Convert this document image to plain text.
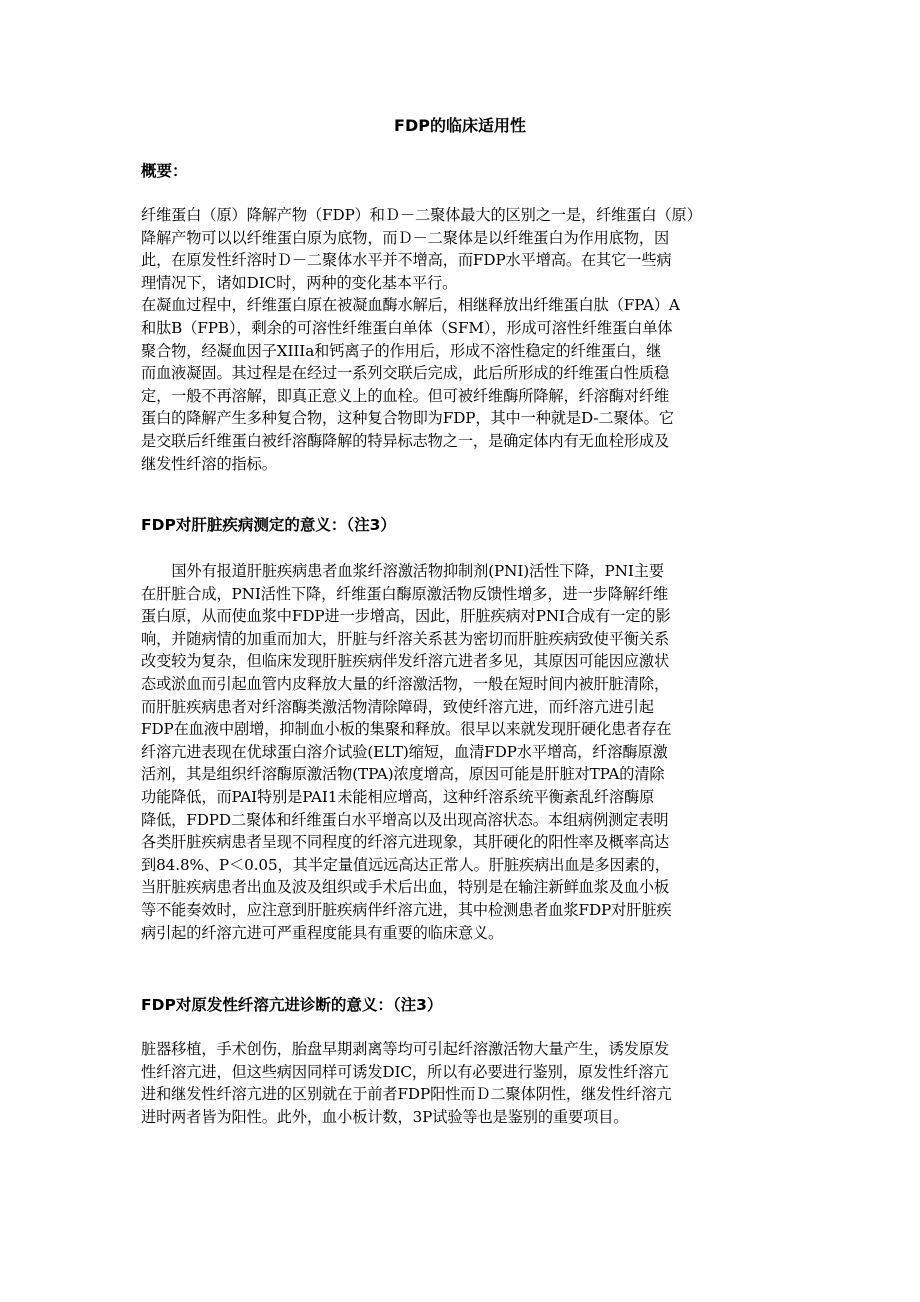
FDP的临床适用性
概要：
纤维蛋白（原）降解产物（FDP）和Ｄ－二聚体最大的区别之一是，纤维蛋白（原）
降解产物可以以纤维蛋白原为底物，而Ｄ－二聚体是以纤维蛋白为作用底物，因
此，在原发性纤溶时Ｄ－二聚体水平并不增高，而FDP水平增高。在其它一些病
理情况下，诸如DIC时，两种的变化基本平行。
在凝血过程中，纤维蛋白原在被凝血酶水解后，相继释放出纤维蛋白肽（FPA）A
和肽B（FPB），剩余的可溶性纤维蛋白单体（SFM），形成可溶性纤维蛋白单体
聚合物，经凝血因子XIIIa和钙离子的作用后，形成不溶性稳定的纤维蛋白，继
而血液凝固。其过程是在经过一系列交联后完成，此后所形成的纤维蛋白性质稳
定，一般不再溶解，即真正意义上的血栓。但可被纤维酶所降解，纤溶酶对纤维
蛋白的降解产生多种复合物，这种复合物即为FDP，其中一种就是D-二聚体。它
是交联后纤维蛋白被纤溶酶降解的特异标志物之一，是确定体内有无血栓形成及
继发性纤溶的指标。
FDP对肝脏疾病测定的意义：（注3）
国外有报道肝脏疾病患者血浆纤溶激活物抑制剂(PNI)活性下降，PNI主要
在肝脏合成，PNI活性下降，纤维蛋白酶原激活物反馈性增多，进一步降解纤维
蛋白原，从而使血浆中FDP进一步增高，因此，肝脏疾病对PNI合成有一定的影
响，并随病情的加重而加大，肝脏与纤溶关系甚为密切而肝脏疾病致使平衡关系
改变较为复杂，但临床发现肝脏疾病伴发纤溶亢进者多见，其原因可能因应激状
态或淤血而引起血管内皮释放大量的纤溶激活物，一般在短时间内被肝脏清除，
而肝脏疾病患者对纤溶酶类激活物清除障碍，致使纤溶亢进，而纤溶亢进引起
FDP在血液中剧增，抑制血小板的集聚和释放。很早以来就发现肝硬化患者存在
纤溶亢进表现在优球蛋白溶介试验(ELT)缩短，血清FDP水平增高，纤溶酶原激
活剂，其是组织纤溶酶原激活物(TPA)浓度增高，原因可能是肝脏对TPA的清除
功能降低，而PAI特别是PAI1未能相应增高，这种纤溶系统平衡紊乱纤溶酶原
降低，FDPD二聚体和纤维蛋白水平增高以及出现高溶状态。本组病例测定表明
各类肝脏疾病患者呈现不同程度的纤溶亢进现象，其肝硬化的阳性率及概率高达
到84.8%、P＜0.05，其半定量值远远高达正常人。肝脏疾病出血是多因素的，
当肝脏疾病患者出血及波及组织或手术后出血，特别是在输注新鲜血浆及血小板
等不能奏效时，应注意到肝脏疾病伴纤溶亢进，其中检测患者血浆FDP对肝脏疾
病引起的纤溶亢进可严重程度能具有重要的临床意义。
FDP对原发性纤溶亢进诊断的意义：（注3）
脏器移植，手术创伤，胎盘早期剥离等均可引起纤溶激活物大量产生，诱发原发
性纤溶亢进，但这些病因同样可诱发DIC，所以有必要进行鉴别，原发性纤溶亢
进和继发性纤溶亢进的区别就在于前者FDP阳性而Ｄ二聚体阴性，继发性纤溶亢
进时两者皆为阳性。此外，血小板计数，3P试验等也是鉴别的重要项目。
